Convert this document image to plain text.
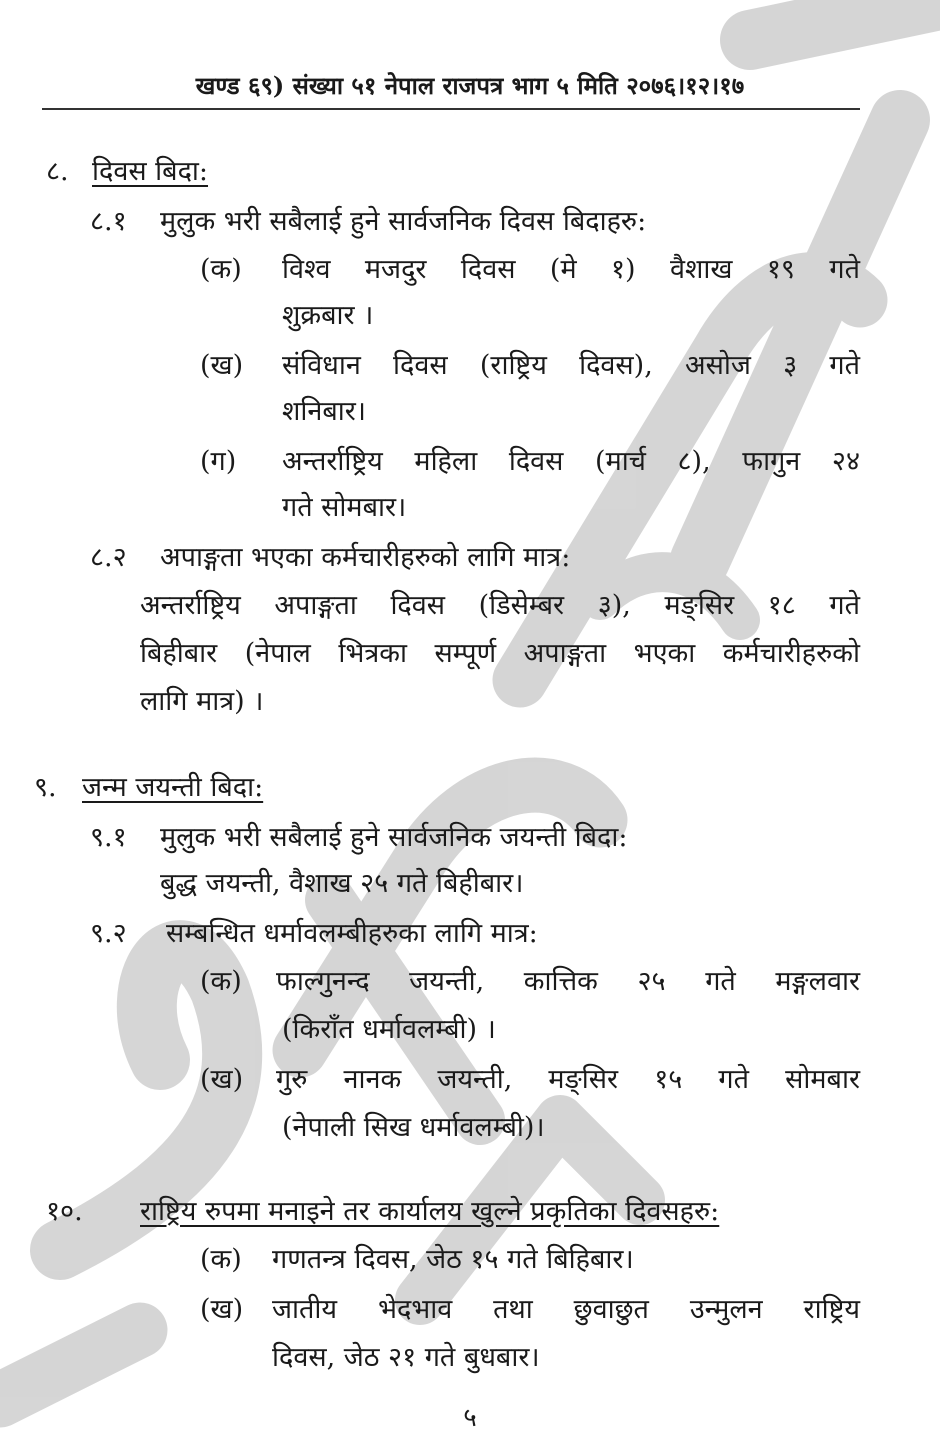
खण्ड ६९) संख्या ५१ नेपाल राजपत्र भाग ५ मिति २०७६।१२।१७
८. दिवस बिदा:
८.१ मुलुक भरी सबैलाई हुने सार्वजनिक दिवस बिदाहरु:
(क) विश्व मजदुर दिवस (मे १) वैशाख १९ गते
शुक्रबार ।
(ख) संविधान दिवस (राष्ट्रिय दिवस), असोज ३ गते
शनिबार।
(ग) अन्तर्राष्ट्रिय महिला दिवस (मार्च ८), फागुन २४
गते सोमबार।
८.२ अपाङ्गता भएका कर्मचारीहरुको लागि मात्र:
अन्तर्राष्ट्रिय अपाङ्गता दिवस (डिसेम्बर ३), मङ्सिर १८ गते
बिहीबार (नेपाल भित्रका सम्पूर्ण अपाङ्गता भएका कर्मचारीहरुको
लागि मात्र) ।
९. जन्म जयन्ती बिदा:
९.१ मुलुक भरी सबैलाई हुने सार्वजनिक जयन्ती बिदा:
बुद्ध जयन्ती, वैशाख २५ गते बिहीबार।
९.२ सम्बन्धित धर्मावलम्बीहरुका लागि मात्र:
(क) फाल्गुनन्द जयन्ती, कात्तिक २५ गते मङ्गलवार
(किराँत धर्मावलम्बी) ।
(ख) गुरु नानक जयन्ती, मङ्सिर १५ गते सोमबार
(नेपाली सिख धर्मावलम्बी)।
१०. राष्ट्रिय रुपमा मनाइने तर कार्यालय खुल्ने प्रकृतिका दिवसहरु:
(क) गणतन्त्र दिवस, जेठ १५ गते बिहिबार।
(ख) जातीय भेदभाव तथा छुवाछुत उन्मुलन राष्ट्रिय
दिवस, जेठ २१ गते बुधबार।
५
